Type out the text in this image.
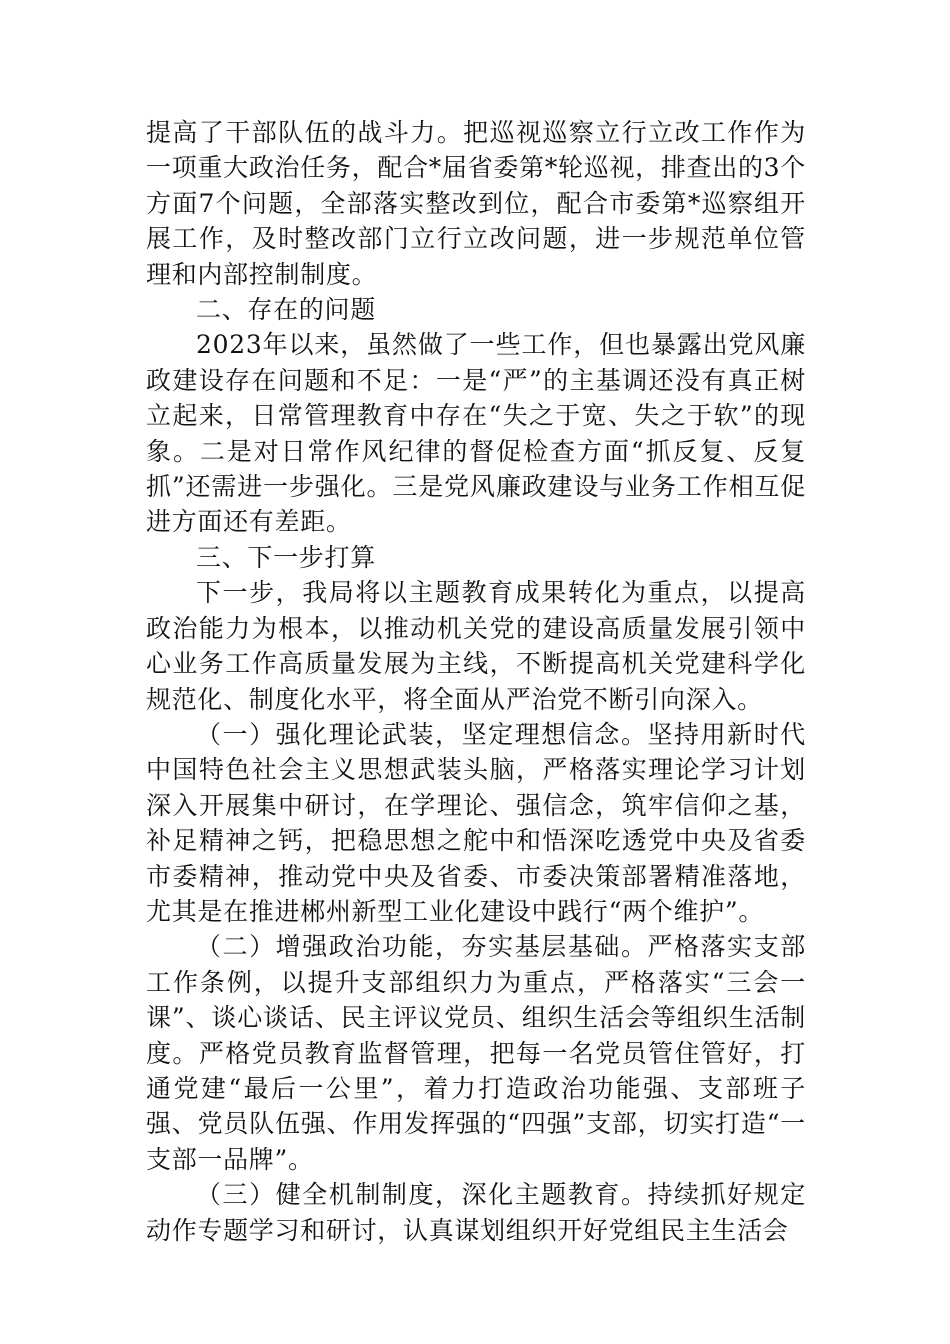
提高了干部队伍的战斗力。把巡视巡察立行立改工作作为一项重大政治任务，配合*届省委第*轮巡视，排查出的3个方面7个问题，全部落实整改到位，配合市委第*巡察组开展工作，及时整改部门立行立改问题，进一步规范单位管理和内部控制制度。

二、存在的问题

2023年以来，虽然做了一些工作，但也暴露出党风廉政建设存在问题和不足：一是“严”的主基调还没有真正树立起来，日常管理教育中存在“失之于宽、失之于软”的现象。二是对日常作风纪律的督促检查方面“抓反复、反复抓”还需进一步强化。三是党风廉政建设与业务工作相互促进方面还有差距。

三、下一步打算

下一步，我局将以主题教育成果转化为重点，以提高政治能力为根本，以推动机关党的建设高质量发展引领中心业务工作高质量发展为主线，不断提高机关党建科学化规范化、制度化水平，将全面从严治党不断引向深入。

（一）强化理论武装，坚定理想信念。坚持用新时代中国特色社会主义思想武装头脑，严格落实理论学习计划深入开展集中研讨，在学理论、强信念，筑牢信仰之基，补足精神之钙，把稳思想之舵中和悟深吃透党中央及省委市委精神，推动党中央及省委、市委决策部署精准落地，尤其是在推进郴州新型工业化建设中践行“两个维护”。

（二）增强政治功能，夯实基层基础。严格落实支部工作条例，以提升支部组织力为重点，严格落实“三会一课”、谈心谈话、民主评议党员、组织生活会等组织生活制度。严格党员教育监督管理，把每一名党员管住管好，打通党建“最后一公里”，着力打造政治功能强、支部班子强、党员队伍强、作用发挥强的“四强”支部，切实打造“一支部一品牌”。

（三）健全机制制度，深化主题教育。持续抓好规定动作专题学习和研讨，认真谋划组织开好党组民主生活会
